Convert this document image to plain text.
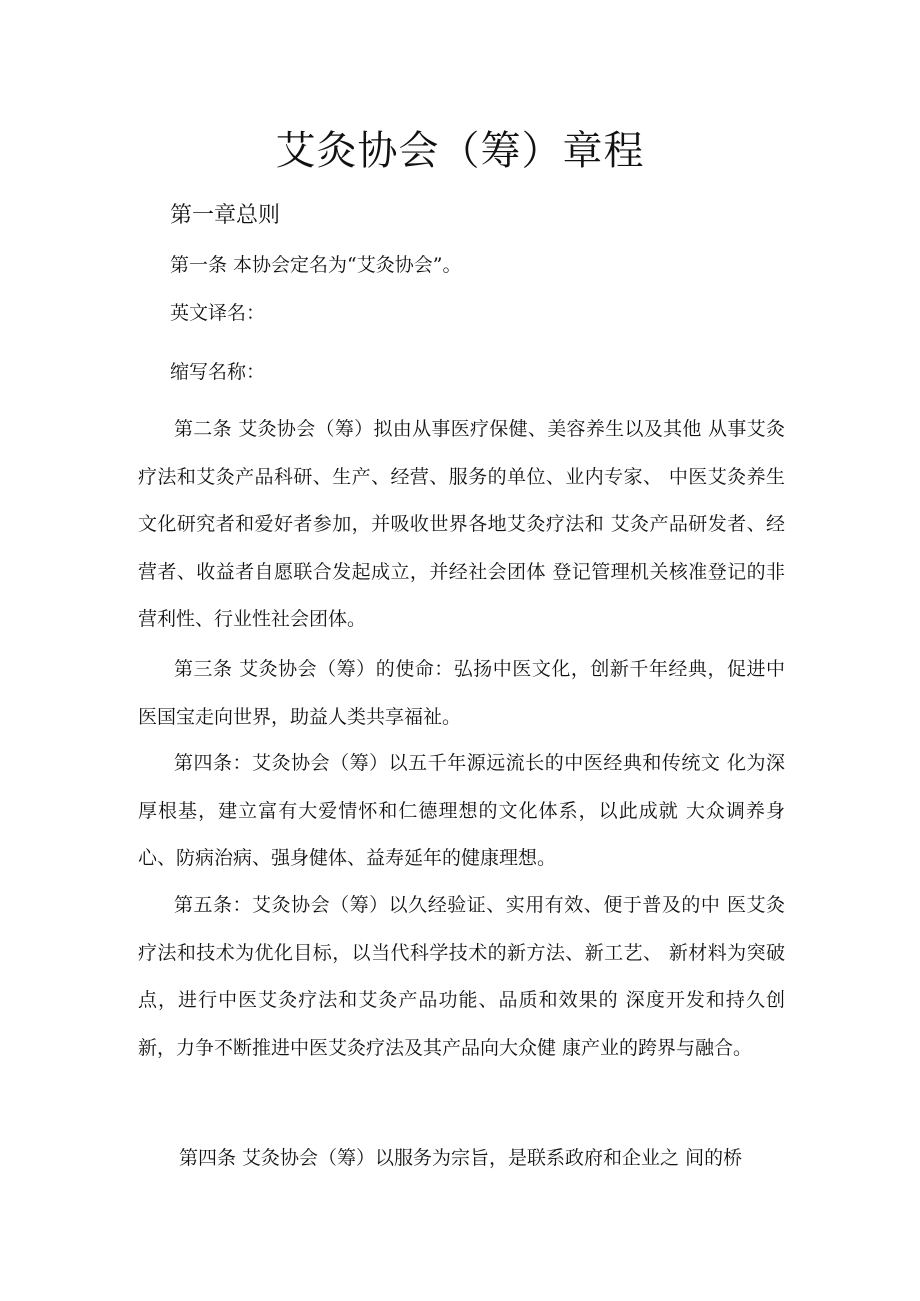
艾灸协会（筹）章程
第一章总则

第一条 本协会定名为“艾灸协会”。

英文译名：

缩写名称：

第二条 艾灸协会（筹）拟由从事医疗保健、美容养生以及其他 从事艾灸疗法和艾灸产品科研、生产、经营、服务的单位、业内专家、 中医艾灸养生文化研究者和爱好者参加，并吸收世界各地艾灸疗法和 艾灸产品研发者、经营者、收益者自愿联合发起成立，并经社会团体 登记管理机关核准登记的非营利性、行业性社会团体。

第三条 艾灸协会（筹）的使命：弘扬中医文化，创新千年经典，促进中医国宝走向世界，助益人类共享福祉。

第四条：艾灸协会（筹）以五千年源远流长的中医经典和传统文 化为深厚根基，建立富有大爱情怀和仁德理想的文化体系，以此成就 大众调养身心、防病治病、强身健体、益寿延年的健康理想。

第五条：艾灸协会（筹）以久经验证、实用有效、便于普及的中 医艾灸疗法和技术为优化目标，以当代科学技术的新方法、新工艺、 新材料为突破点，进行中医艾灸疗法和艾灸产品功能、品质和效果的 深度开发和持久创新，力争不断推进中医艾灸疗法及其产品向大众健 康产业的跨界与融合。

第四条 艾灸协会（筹）以服务为宗旨，是联系政府和企业之 间的桥
